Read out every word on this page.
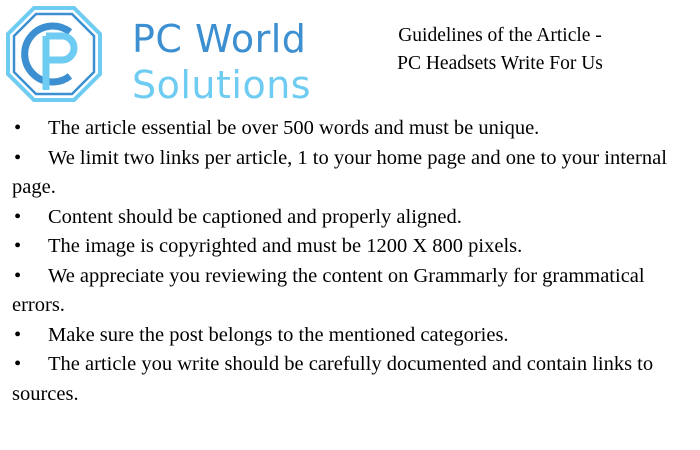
PC World
Solutions
Guidelines of the Article -
PC Headsets Write For Us
• The article essential be over 500 words and must be unique.
• We limit two links per article, 1 to your home page and one to your internal page.
• Content should be captioned and properly aligned.
• The image is copyrighted and must be 1200 X 800 pixels.
• We appreciate you reviewing the content on Grammarly for grammatical errors.
• Make sure the post belongs to the mentioned categories.
• The article you write should be carefully documented and contain links to sources.
